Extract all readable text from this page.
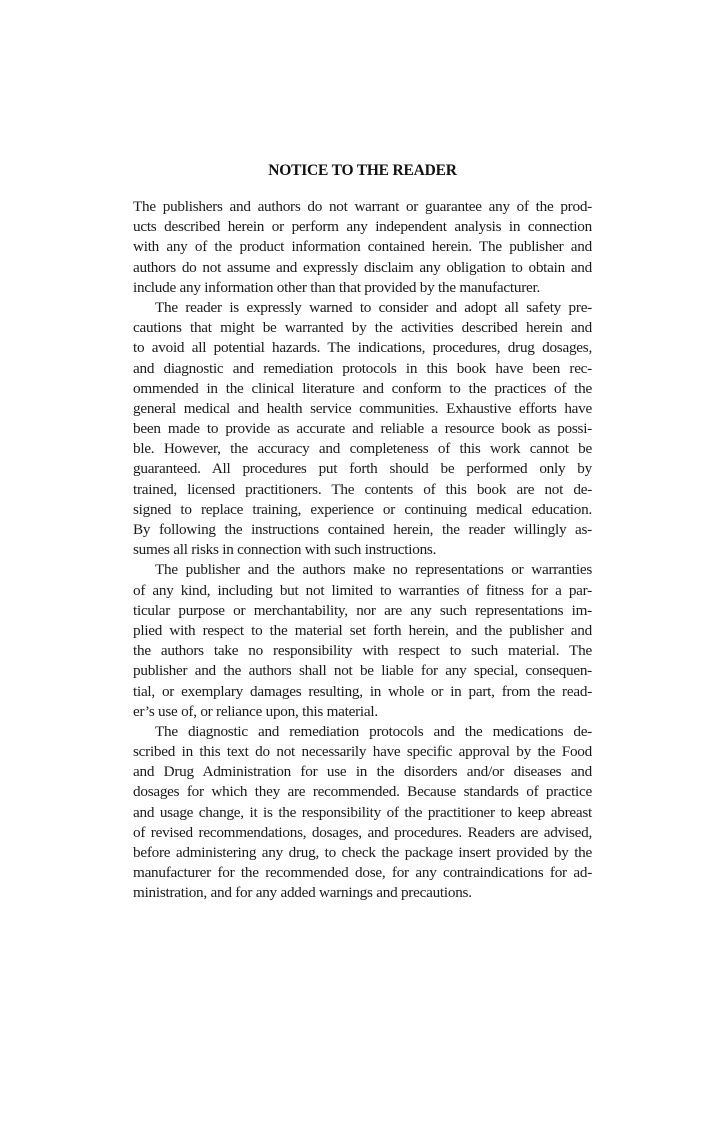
NOTICE TO THE READER

The publishers and authors do not warrant or guarantee any of the prod-
ucts described herein or perform any independent analysis in connection
with any of the product information contained herein. The publisher and
authors do not assume and expressly disclaim any obligation to obtain and
include any information other than that provided by the manufacturer.

The reader is expressly warned to consider and adopt all safety pre-
cautions that might be warranted by the activities described herein and
to avoid all potential hazards. The indications, procedures, drug dosages,
and diagnostic and remediation protocols in this book have been rec-
ommended in the clinical literature and conform to the practices of the
general medical and health service communities. Exhaustive efforts have
been made to provide as accurate and reliable a resource book as possi-
ble. However, the accuracy and completeness of this work cannot be
guaranteed. All procedures put forth should be performed only by
trained, licensed practitioners. The contents of this book are not de-
signed to replace training, experience or continuing medical education.
By following the instructions contained herein, the reader willingly as-
sumes all risks in connection with such instructions.

The publisher and the authors make no representations or warranties
of any kind, including but not limited to warranties of fitness for a par-
ticular purpose or merchantability, nor are any such representations im-
plied with respect to the material set forth herein, and the publisher and
the authors take no responsibility with respect to such material. The
publisher and the authors shall not be liable for any special, consequen-
tial, or exemplary damages resulting, in whole or in part, from the read-
er’s use of, or reliance upon, this material.

The diagnostic and remediation protocols and the medications de-
scribed in this text do not necessarily have specific approval by the Food
and Drug Administration for use in the disorders and/or diseases and
dosages for which they are recommended. Because standards of practice
and usage change, it is the responsibility of the practitioner to keep abreast
of revised recommendations, dosages, and procedures. Readers are advised,
before administering any drug, to check the package insert provided by the
manufacturer for the recommended dose, for any contraindications for ad-
ministration, and for any added warnings and precautions.
